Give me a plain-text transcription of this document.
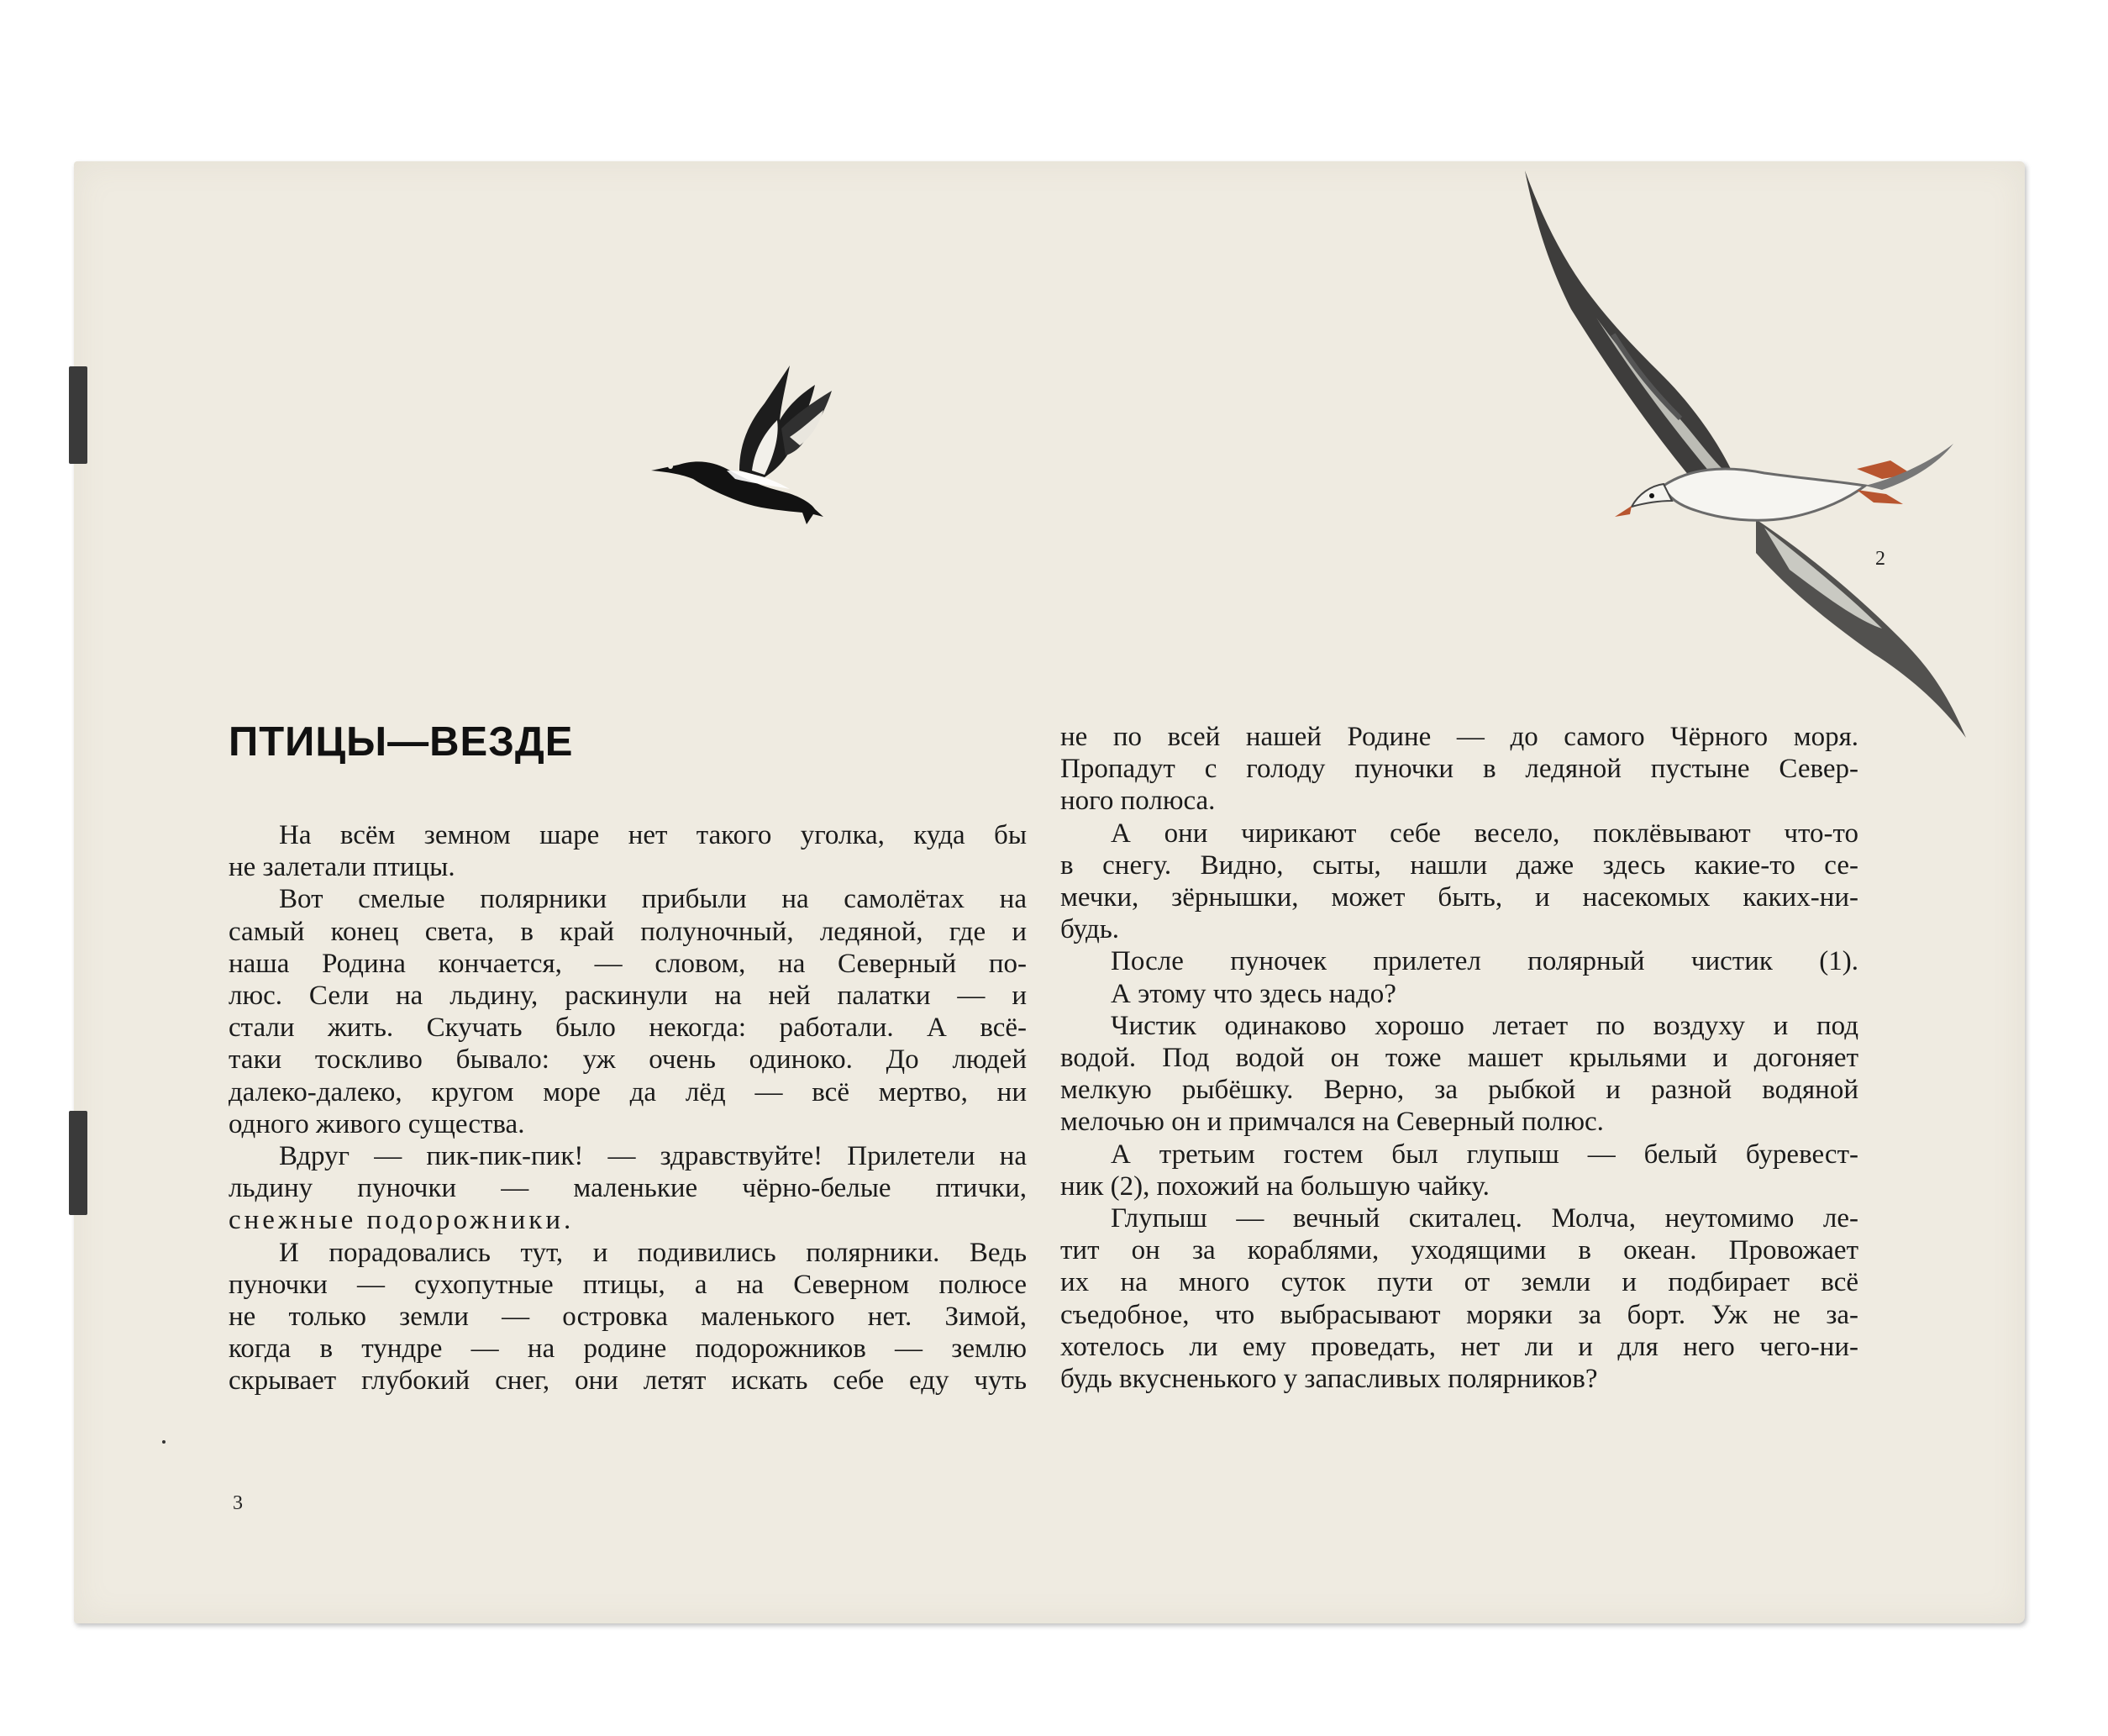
ПТИЦЫ—ВЕЗДЕ

На всём земном шаре нет такого уголка, куда бы

не залетали птицы.

Вот смелые полярники прибыли на самолётах на

самый конец света, в край полуночный, ледяной, где и

наша Родина кончается, — словом, на Северный по-

люс. Сели на льдину, раскинули на ней палатки — и

стали жить. Скучать было некогда: работали. А всё-

таки тоскливо бывало: уж очень одиноко. До людей

далеко-далеко, кругом море да лёд — всё мертво, ни

одного живого существа.

Вдруг — пик-пик-пик! — здравствуйте! Прилетели на

льдину пуночки — маленькие чёрно-белые птички,

снежные подорожники.

И порадовались тут, и подивились полярники. Ведь

пуночки — сухопутные птицы, а на Северном полюсе

не только земли — островка маленького нет. Зимой,

когда в тундре — на родине подорожников — землю

скрывает глубокий снег, они летят искать себе еду чуть

не по всей нашей Родине — до самого Чёрного моря.

Пропадут с голоду пуночки в ледяной пустыне Север-

ного полюса.

А они чирикают себе весело, поклёвывают что-то

в снегу. Видно, сыты, нашли даже здесь какие-то се-

мечки, зёрнышки, может быть, и насекомых каких-ни-

будь.

После пуночек прилетел полярный чистик (1).

А этому что здесь надо?

Чистик одинаково хорошо летает по воздуху и под

водой. Под водой он тоже машет крыльями и догоняет

мелкую рыбёшку. Верно, за рыбкой и разной водяной

мелочью он и примчался на Северный полюс.

А третьим гостем был глупыш — белый буревест-

ник (2), похожий на большую чайку.

Глупыш — вечный скиталец. Молча, неутомимо ле-

тит он за кораблями, уходящими в океан. Провожает

их на много суток пути от земли и подбирает всё

съедобное, что выбрасывают моряки за борт. Уж не за-

хотелось ли ему проведать, нет ли и для него чего-ни-

будь вкусненького у запасливых полярников?

3
2
